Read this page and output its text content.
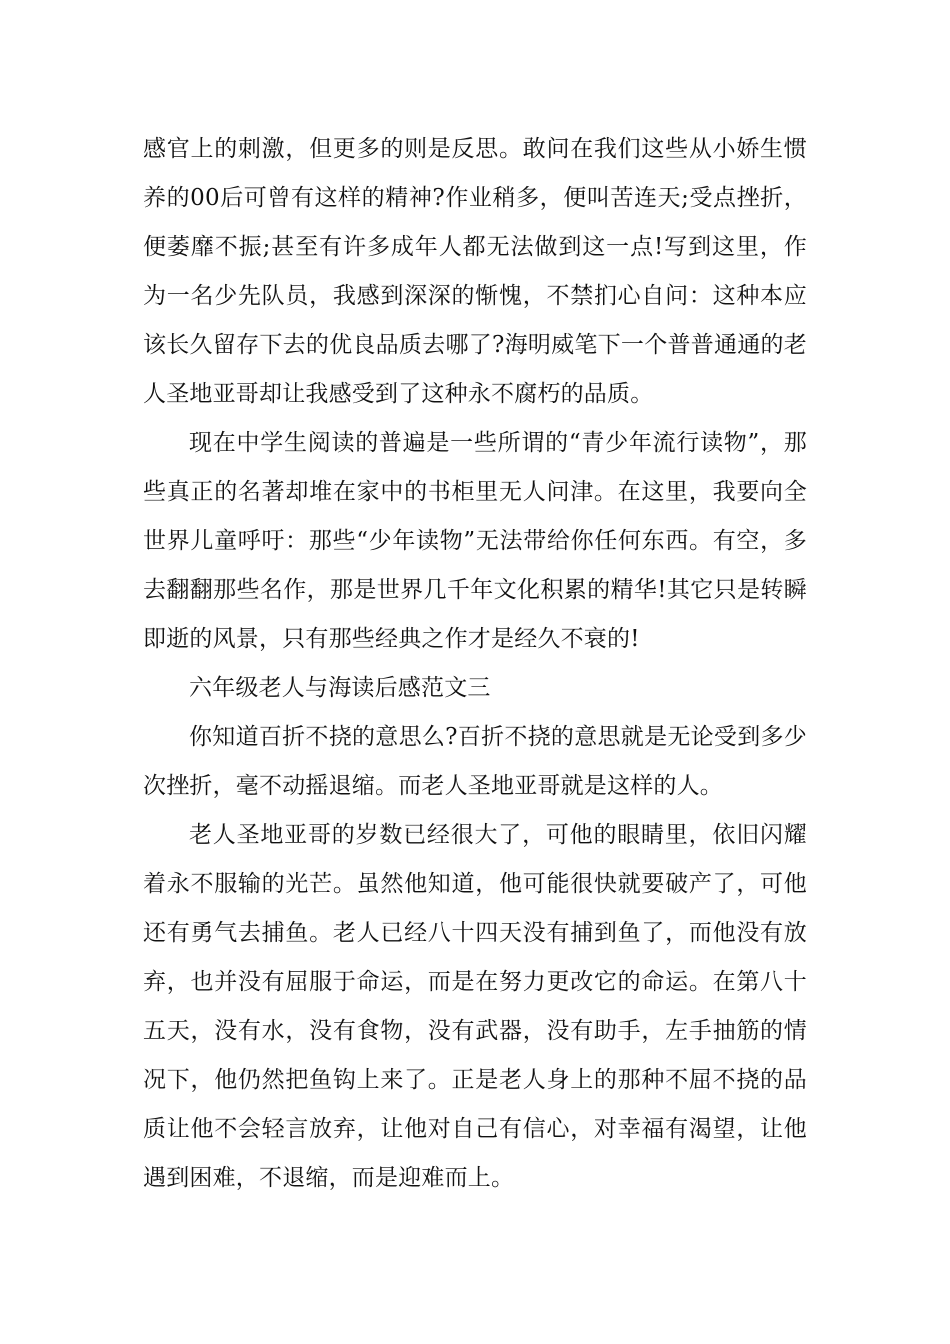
感官上的刺激，但更多的则是反思。敢问在我们这些从小娇生惯养的00后可曾有这样的精神?作业稍多，便叫苦连天;受点挫折，便萎靡不振;甚至有许多成年人都无法做到这一点!写到这里，作为一名少先队员，我感到深深的惭愧，不禁扪心自问：这种本应该长久留存下去的优良品质去哪了?海明威笔下一个普普通通的老人圣地亚哥却让我感受到了这种永不腐朽的品质。

现在中学生阅读的普遍是一些所谓的“青少年流行读物”，那些真正的名著却堆在家中的书柜里无人问津。在这里，我要向全世界儿童呼吁：那些“少年读物”无法带给你任何东西。有空，多去翻翻那些名作，那是世界几千年文化积累的精华!其它只是转瞬即逝的风景，只有那些经典之作才是经久不衰的!

六年级老人与海读后感范文三

你知道百折不挠的意思么?百折不挠的意思就是无论受到多少次挫折，毫不动摇退缩。而老人圣地亚哥就是这样的人。

老人圣地亚哥的岁数已经很大了，可他的眼睛里，依旧闪耀着永不服输的光芒。虽然他知道，他可能很快就要破产了，可他还有勇气去捕鱼。老人已经八十四天没有捕到鱼了，而他没有放弃，也并没有屈服于命运，而是在努力更改它的命运。在第八十五天，没有水，没有食物，没有武器，没有助手，左手抽筋的情况下，他仍然把鱼钩上来了。正是老人身上的那种不屈不挠的品质让他不会轻言放弃，让他对自己有信心，对幸福有渴望，让他遇到困难，不退缩，而是迎难而上。
